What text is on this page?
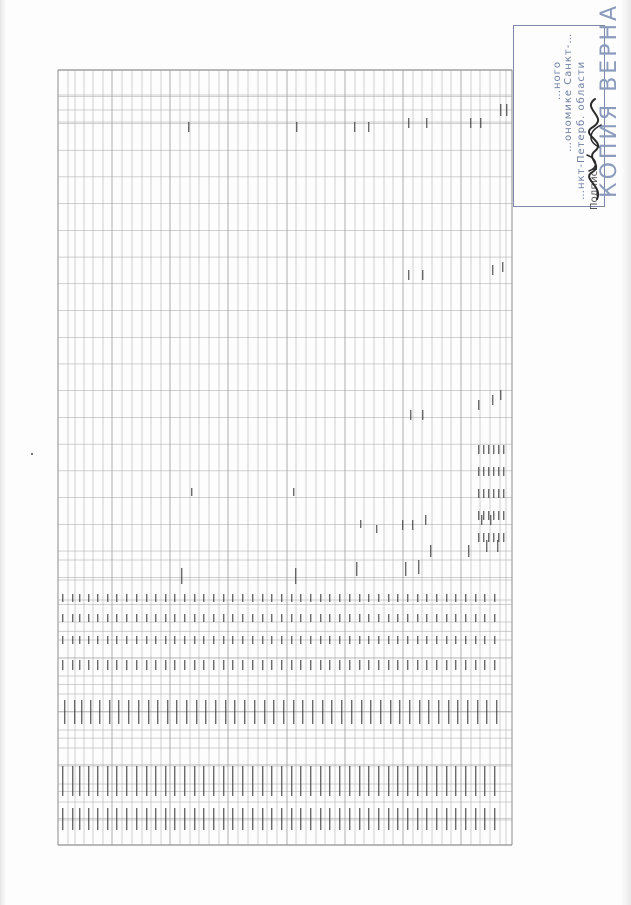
…ного …ономике Санкт-… …нкт-Петерб. области КОПИЯ ВЕРНА
Подпись
